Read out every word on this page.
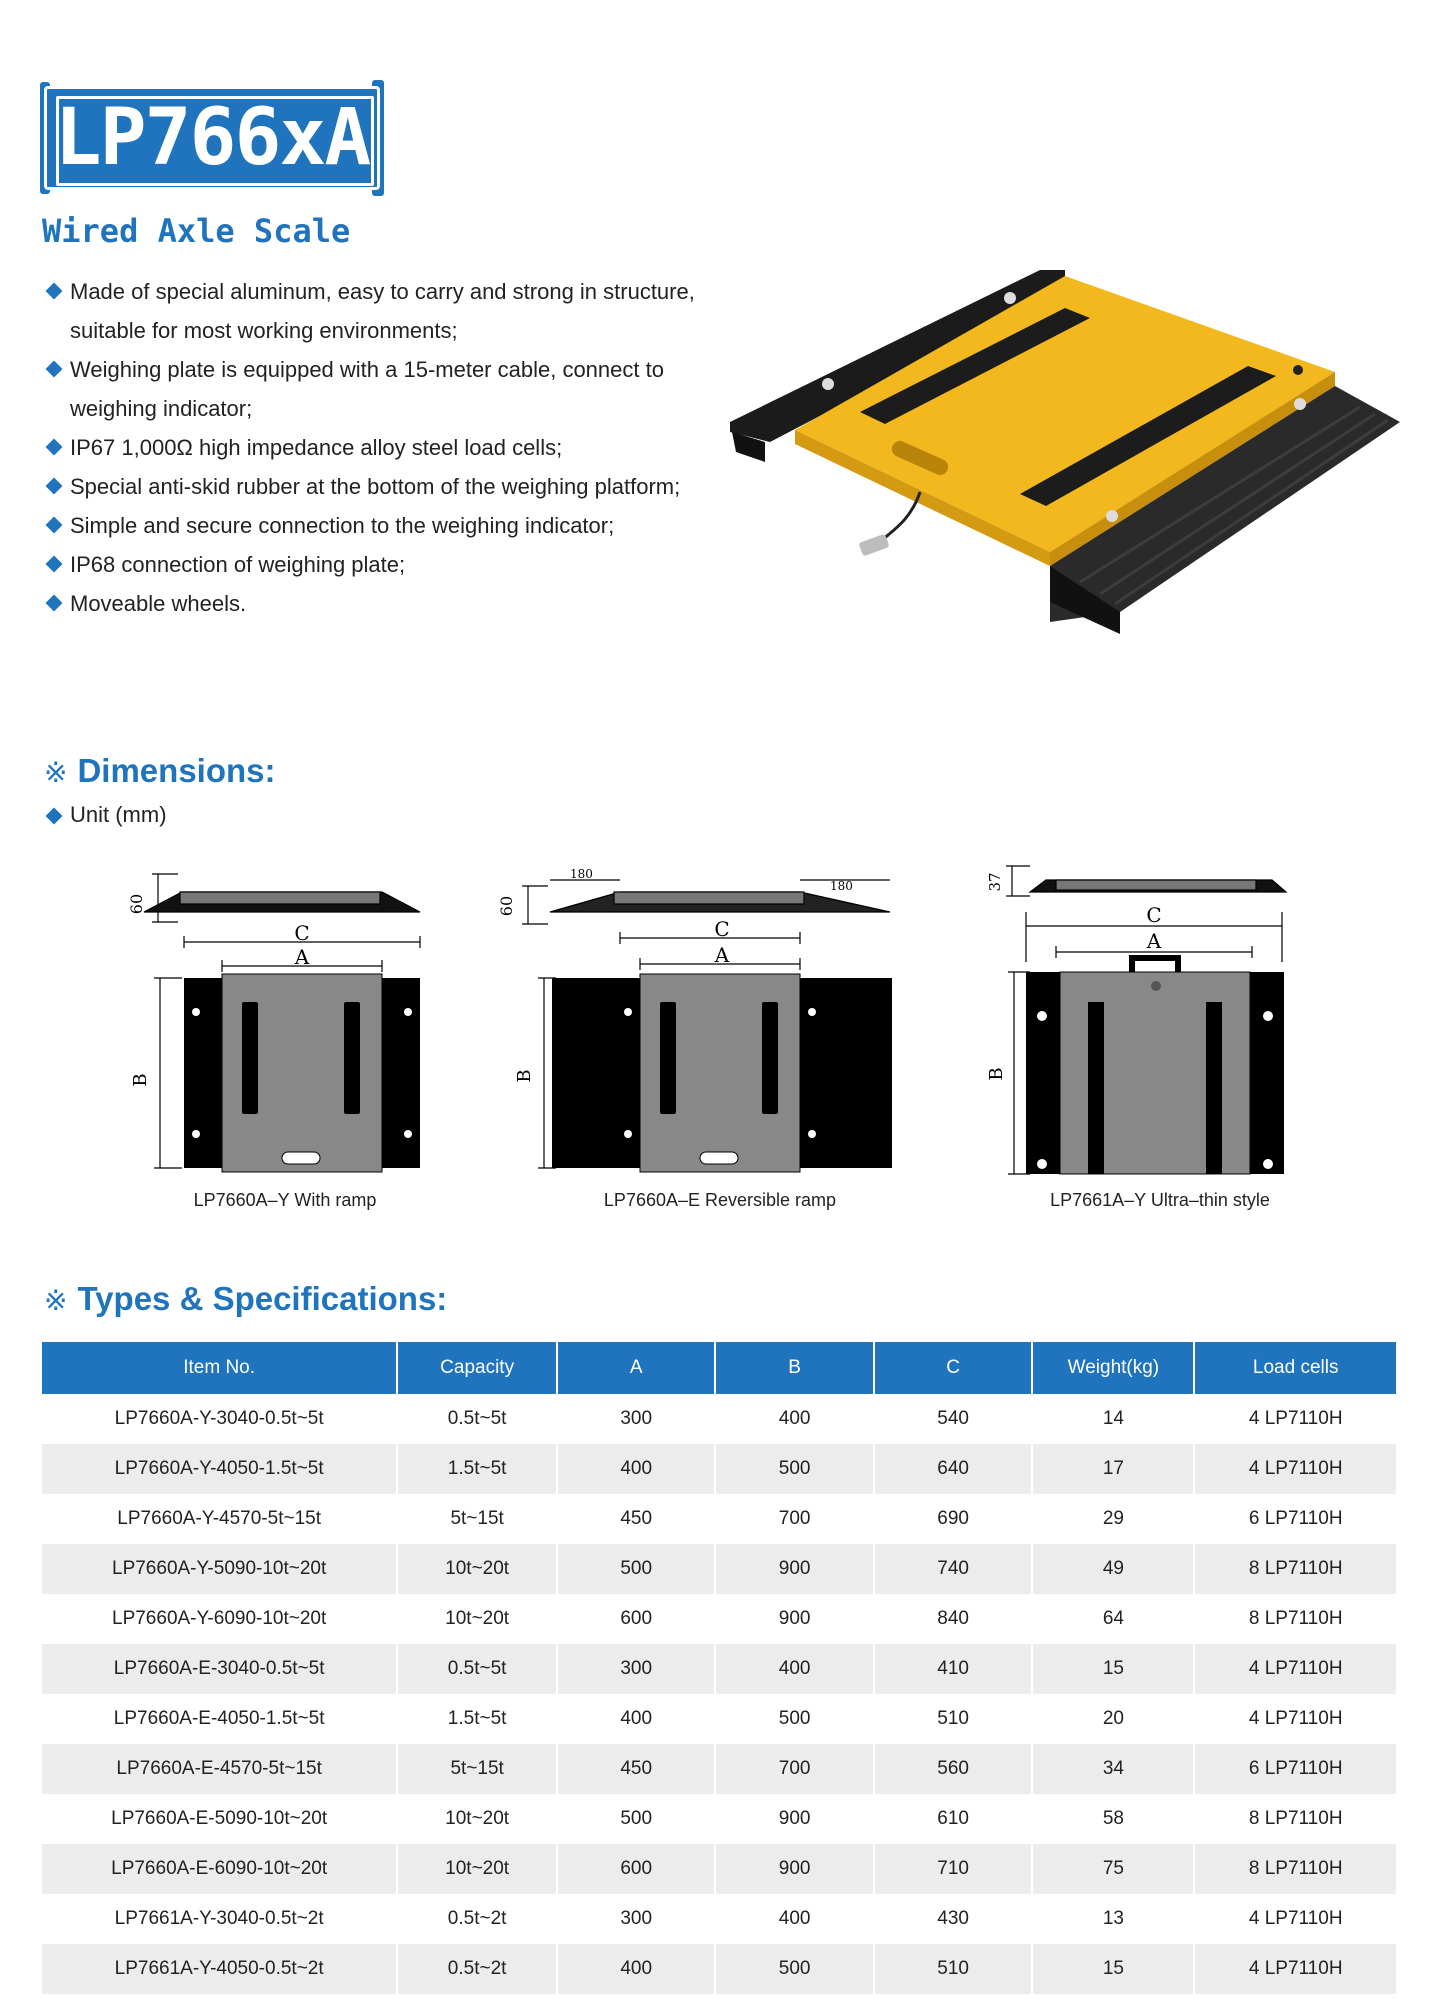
LP766xA
Wired Axle Scale
Made of special aluminum, easy to carry and strong in structure, suitable for most working environments;
Weighing plate is equipped with a 15-meter cable, connect to weighing indicator;
IP67 1,000Ω high impedance alloy steel load cells;
Special anti-skid rubber at the bottom of the weighing platform;
Simple and secure connection to the weighing indicator;
IP68 connection of weighing plate;
Moveable wheels.
※ Dimensions:
Unit (mm)
60
C
A
B
LP7660A–Y With ramp
180
180
60
C
A
B
LP7660A–E Reversible ramp
37
C
A
B
LP7661A–Y Ultra–thin style
※ Types & Specifications:
Item No.	Capacity	A	B	C	Weight(kg)	Load cells
LP7660A-Y-3040-0.5t~5t	0.5t~5t	300	400	540	14	4 LP7110H
LP7660A-Y-4050-1.5t~5t	1.5t~5t	400	500	640	17	4 LP7110H
LP7660A-Y-4570-5t~15t	5t~15t	450	700	690	29	6 LP7110H
LP7660A-Y-5090-10t~20t	10t~20t	500	900	740	49	8 LP7110H
LP7660A-Y-6090-10t~20t	10t~20t	600	900	840	64	8 LP7110H
LP7660A-E-3040-0.5t~5t	0.5t~5t	300	400	410	15	4 LP7110H
LP7660A-E-4050-1.5t~5t	1.5t~5t	400	500	510	20	4 LP7110H
LP7660A-E-4570-5t~15t	5t~15t	450	700	560	34	6 LP7110H
LP7660A-E-5090-10t~20t	10t~20t	500	900	610	58	8 LP7110H
LP7660A-E-6090-10t~20t	10t~20t	600	900	710	75	8 LP7110H
LP7661A-Y-3040-0.5t~2t	0.5t~2t	300	400	430	13	4 LP7110H
LP7661A-Y-4050-0.5t~2t	0.5t~2t	400	500	510	15	4 LP7110H
